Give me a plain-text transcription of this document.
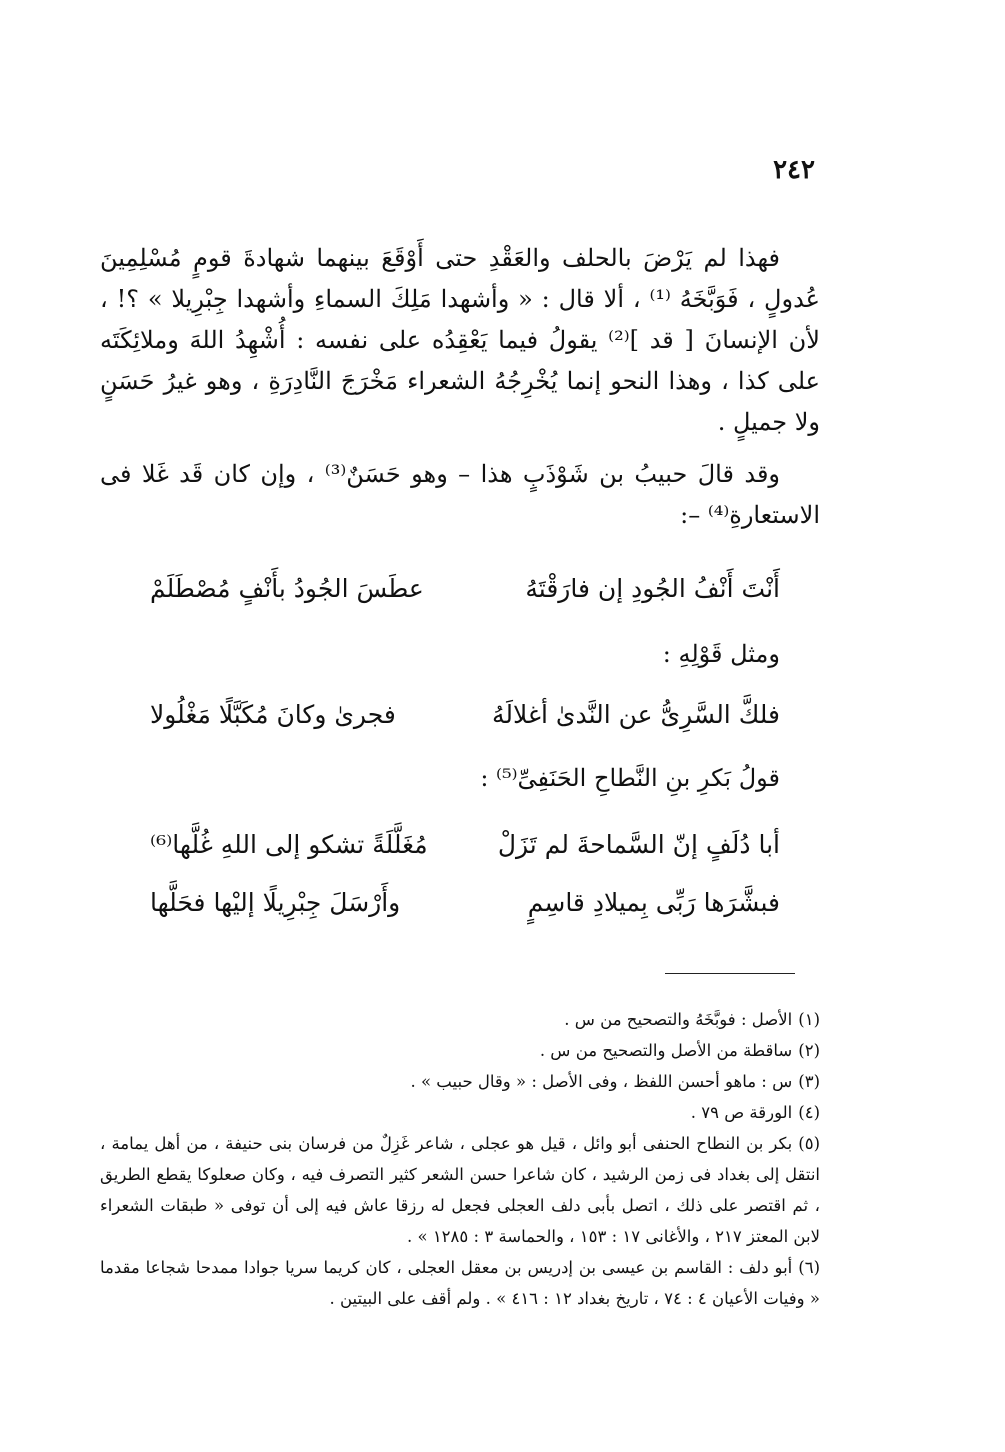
٢٤٢

فهذا لم يَرْضَ بالحلف والعَقْدِ حتى أَوْقَعَ بينهما شهادةَ قومٍ مُسْلِمِينَ عُدولٍ ، فَوَبَّخَهُ ⁽¹⁾ ، ألا قال : « وأشهدا مَلِكَ السماءِ وأشهدا جِبْرِيلا » ؟! ، لأن الإنسانَ [ قد ]⁽²⁾ يقولُ فيما يَعْقِدُه على نفسه : أُشْهِدُ اللهَ وملائِكَتَه على كذا ، وهذا النحو إنما يُخْرِجُهُ الشعراء مَخْرَجَ النَّادِرَةِ ، وهو غيرُ حَسَنٍ ولا جميلٍ .

وقد قالَ حبيبُ بن شَوْذَبٍ هذا – وهو حَسَنٌ⁽³⁾ ، وإن كان قَد غَلا فى الاستعارةِ⁽⁴⁾ –:

أَنْتَ أَنْفُ الجُودِ إن فارَقْتَهُ
عطَسَ الجُودُ بأَنْفٍ مُصْطَلَمْ
ومثل قَوْلِهِ :
فلكَّ السَّرِىُّ عن النَّدىٰ أغلالَهُ
فجرىٰ وكانَ مُكَبَّلًا مَغْلُولا
قولُ بَكرِ بنِ النَّطاحِ الحَنَفِىِّ⁽⁵⁾ :
أبا دُلَفٍ إنّ السَّماحةَ لم تَزَلْ
مُغَلَّلَةً تشكو إلى اللهِ غُلَّها⁽⁶⁾
فبشَّرَها رَبِّى بِميلادِ قاسِمٍ
وأَرْسَلَ جِبْرِيلًا إليْها فحَلَّها

(١)الأصل : فوبَّخَهُ والتصحيح من س .

(٢)ساقطة من الأصل والتصحيح من س .

(٣)س : ماهو أحسن اللفظ ، وفى الأصل : « وقال حبيب » .

(٤)الورقة ص ٧٩ .

(٥)بكر بن النطاح الحنفى أبو وائل ، قيل هو عجلى ، شاعر غَزِلٌ من فرسان بنى حنيفة ، من أهل يمامة ، انتقل إلى بغداد فى زمن الرشيد ، كان شاعرا حسن الشعر كثير التصرف فيه ، وكان صعلوكا يقطع الطريق ، ثم اقتصر على ذلك ، اتصل بأبى دلف العجلى فجعل له رزقا عاش فيه إلى أن توفى « طبقات الشعراء لابن المعتز ٢١٧ ، والأغانى ١٧ : ١٥٣ ، والحماسة ٣ : ١٢٨٥ » .

(٦)أبو دلف : القاسم بن عيسى بن إدريس بن معقل العجلى ، كان كريما سريا جوادا ممدحا شجاعا مقدما « وفيات الأعيان ٤ : ٧٤ ، تاريخ بغداد ١٢ : ٤١٦ » . ولم أقف على البيتين .
